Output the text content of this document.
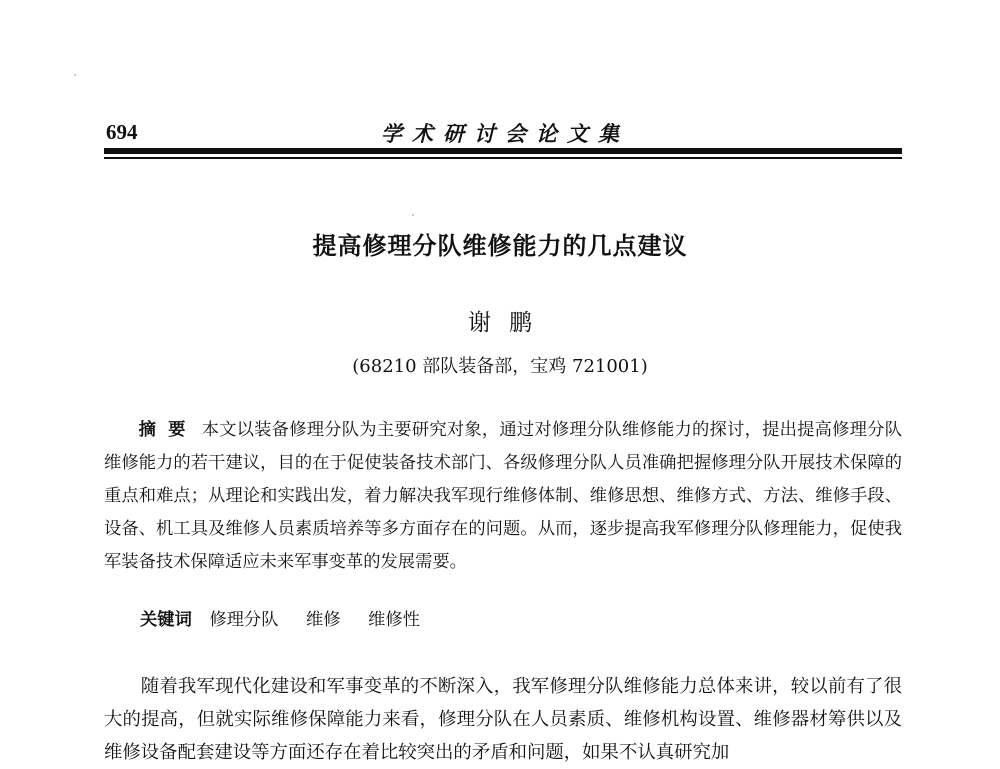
694	学术研讨会论文集
提高修理分队维修能力的几点建议
谢鹏
(68210 部队装备部，宝鸡 721001)
摘要 本文以装备修理分队为主要研究对象，通过对修理分队维修能力的探讨，提出提高修理分队维修能力的若干建议，目的在于促使装备技术部门、各级修理分队人员准确把握修理分队开展技术保障的重点和难点；从理论和实践出发，着力解决我军现行维修体制、维修思想、维修方式、方法、维修手段、设备、机工具及维修人员素质培养等多方面存在的问题。从而，逐步提高我军修理分队修理能力，促使我军装备技术保障适应未来军事变革的发展需要。
关键词 修理分队 维修 维修性
随着我军现代化建设和军事变革的不断深入，我军修理分队维修能力总体来讲，较以前有了很大的提高，但就实际维修保障能力来看，修理分队在人员素质、维修机构设置、维修器材筹供以及维修设备配套建设等方面还存在着比较突出的矛盾和问题，如果不认真研究加
